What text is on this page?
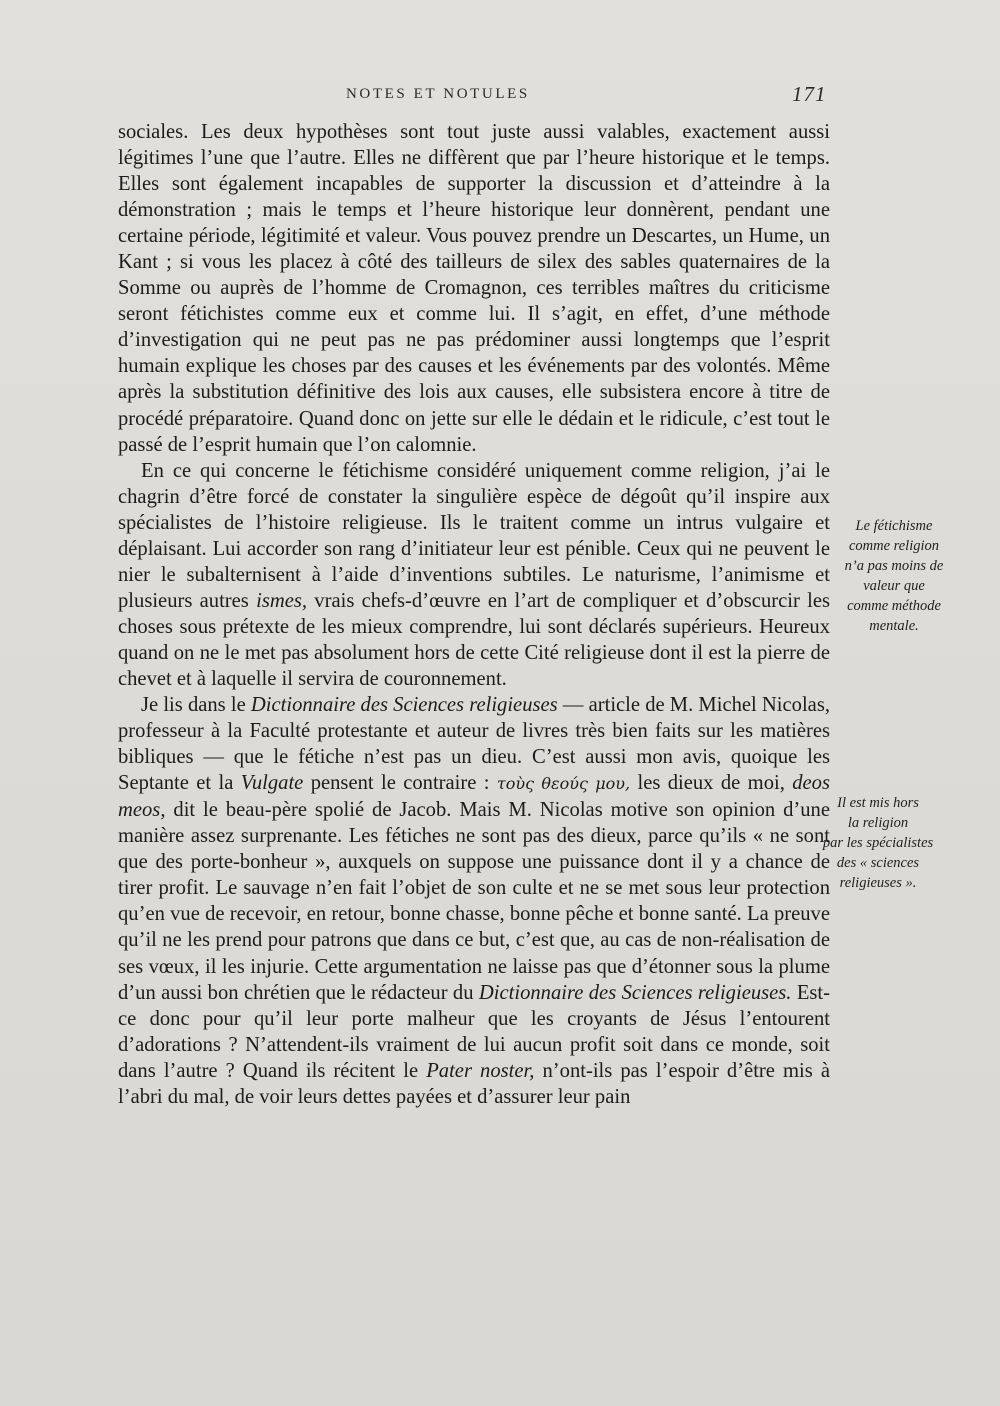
NOTES ET NOTULES	171

sociales. Les deux hypothèses sont tout juste aussi valables, exactement aussi légitimes l’une que l’autre. Elles ne diffèrent que par l’heure historique et le temps. Elles sont également incapables de supporter la discussion et d’atteindre à la démonstration ; mais le temps et l’heure historique leur donnèrent, pendant une certaine période, légitimité et valeur. Vous pouvez prendre un Descartes, un Hume, un Kant ; si vous les placez à côté des tailleurs de silex des sables quaternaires de la Somme ou auprès de l’homme de Cromagnon, ces terribles maîtres du criticisme seront fétichistes comme eux et comme lui. Il s’agit, en effet, d’une méthode d’investigation qui ne peut pas ne pas prédominer aussi longtemps que l’esprit humain explique les choses par des causes et les événements par des volontés. Même après la substitution définitive des lois aux causes, elle subsistera encore à titre de procédé préparatoire. Quand donc on jette sur elle le dédain et le ridicule, c’est tout le passé de l’esprit humain que l’on calomnie.

En ce qui concerne le fétichisme considéré uniquement comme religion, j’ai le chagrin d’être forcé de constater la singulière espèce de dégoût qu’il inspire aux spécialistes de l’histoire religieuse. Ils le traitent comme un intrus vulgaire et déplaisant. Lui accorder son rang d’initiateur leur est pénible. Ceux qui ne peuvent le nier le subalternisent à l’aide d’inventions subtiles. Le naturisme, l’animisme et plusieurs autres ismes, vrais chefs-d’œuvre en l’art de compliquer et d’obscurcir les choses sous prétexte de les mieux comprendre, lui sont déclarés supérieurs. Heureux quand on ne le met pas absolument hors de cette Cité religieuse dont il est la pierre de chevet et à laquelle il servira de couronnement.

Je lis dans le Dictionnaire des Sciences religieuses — article de M. Michel Nicolas, professeur à la Faculté protestante et auteur de livres très bien faits sur les matières bibliques — que le fétiche n’est pas un dieu. C’est aussi mon avis, quoique les Septante et la Vulgate pensent le contraire : τοὺς θεούς μου, les dieux de moi, deos meos, dit le beau-père spolié de Jacob. Mais M. Nicolas motive son opinion d’une manière assez surprenante. Les fétiches ne sont pas des dieux, parce qu’ils « ne sont que des porte-bonheur », auxquels on suppose une puissance dont il y a chance de tirer profit. Le sauvage n’en fait l’objet de son culte et ne se met sous leur protection qu’en vue de recevoir, en retour, bonne chasse, bonne pêche et bonne santé. La preuve qu’il ne les prend pour patrons que dans ce but, c’est que, au cas de non-réalisation de ses vœux, il les injurie. Cette argumentation ne laisse pas que d’étonner sous la plume d’un aussi bon chrétien que le rédacteur du Dictionnaire des Sciences religieuses. Est-ce donc pour qu’il leur porte malheur que les croyants de Jésus l’entourent d’adorations ? N’attendent-ils vraiment de lui aucun profit soit dans ce monde, soit dans l’autre ? Quand ils récitent le Pater noster, n’ont-ils pas l’espoir d’être mis à l’abri du mal, de voir leurs dettes payées et d’assurer leur pain

Le fétichisme
comme religion
n’a pas moins de
valeur que
comme méthode
mentale.
Il est mis hors
la religion
par les spécialistes
des « sciences
religieuses ».
